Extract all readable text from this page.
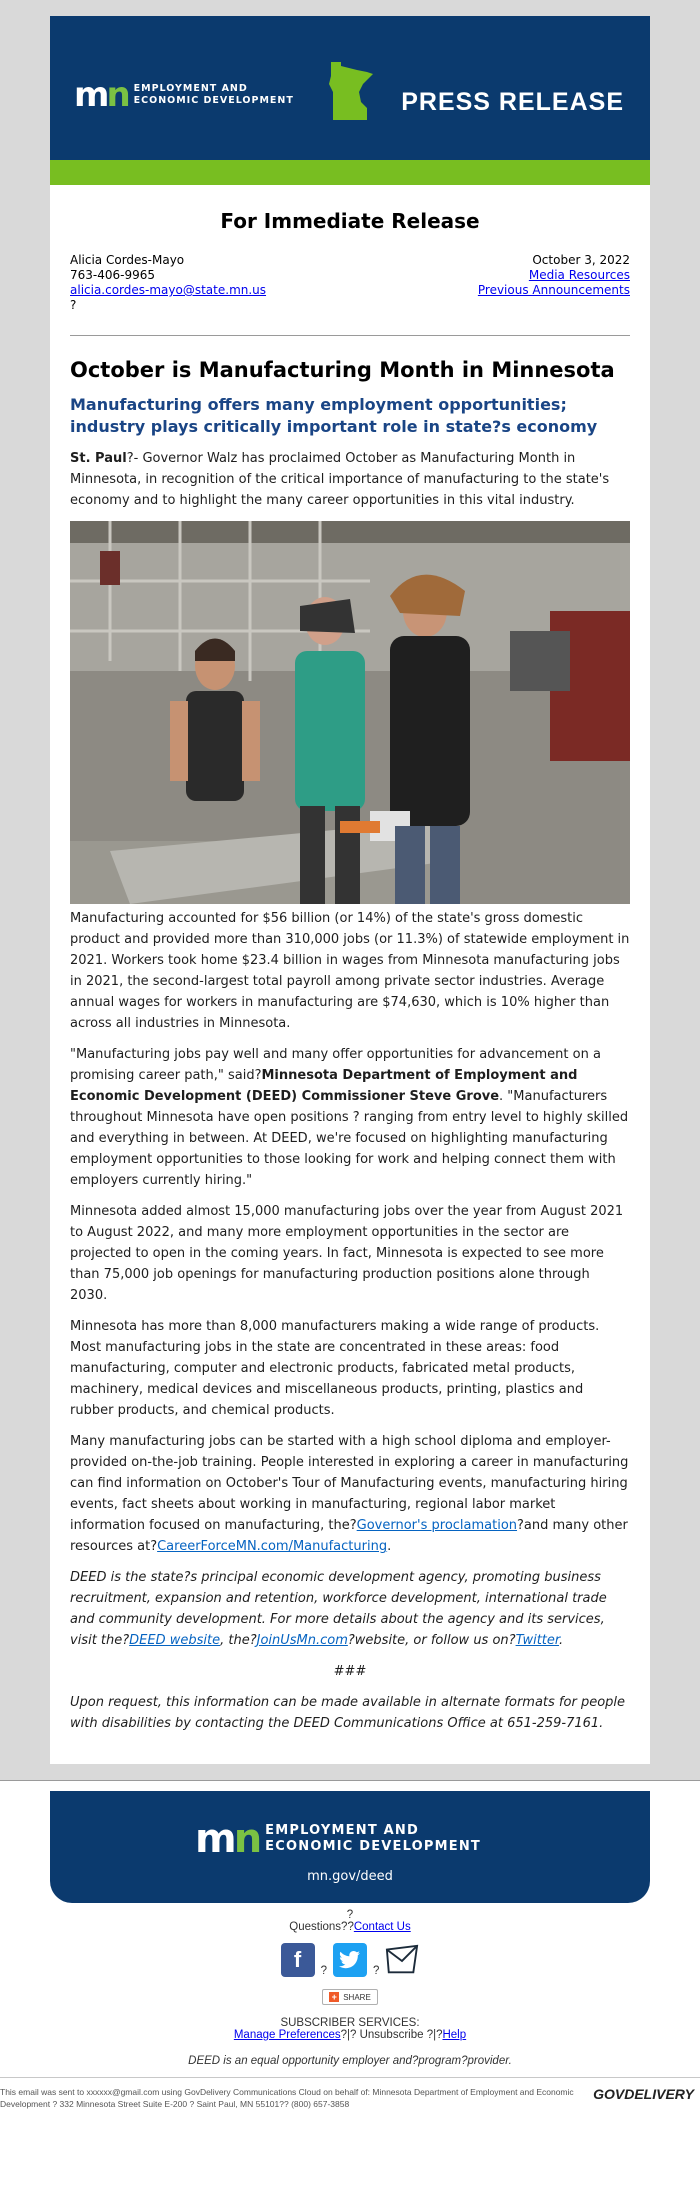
mn EMPLOYMENT AND
ECONOMIC DEVELOPMENT	PRESS RELEASE
For Immediate Release
Alicia Cordes-Mayo
763-406-9965
alicia.cordes-mayo@state.mn.us
?
October 3, 2022
Media Resources
Previous Announcements
October is Manufacturing Month in Minnesota
Manufacturing offers many employment opportunities; industry plays critically important role in state?s economy

St. Paul?- Governor Walz has proclaimed October as Manufacturing Month in Minnesota, in recognition of the critical importance of manufacturing to the state's economy and to highlight the many career opportunities in this vital industry.

Manufacturing accounted for $56 billion (or 14%) of the state's gross domestic product and provided more than 310,000 jobs (or 11.3%) of statewide employment in 2021. Workers took home $23.4 billion in wages from Minnesota manufacturing jobs in 2021, the second-largest total payroll among private sector industries. Average annual wages for workers in manufacturing are $74,630, which is 10% higher than across all industries in Minnesota.

"Manufacturing jobs pay well and many offer opportunities for advancement on a promising career path," said?Minnesota Department of Employment and Economic Development (DEED) Commissioner Steve Grove. "Manufacturers throughout Minnesota have open positions ? ranging from entry level to highly skilled and everything in between. At DEED, we're focused on highlighting manufacturing employment opportunities to those looking for work and helping connect them with employers currently hiring."

Minnesota added almost 15,000 manufacturing jobs over the year from August 2021 to August 2022, and many more employment opportunities in the sector are projected to open in the coming years. In fact, Minnesota is expected to see more than 75,000 job openings for manufacturing production positions alone through 2030.

Minnesota has more than 8,000 manufacturers making a wide range of products. Most manufacturing jobs in the state are concentrated in these areas: food manufacturing, computer and electronic products, fabricated metal products, machinery, medical devices and miscellaneous products, printing, plastics and rubber products, and chemical products.

Many manufacturing jobs can be started with a high school diploma and employer-provided on-the-job training. People interested in exploring a career in manufacturing can find information on October's Tour of Manufacturing events, manufacturing hiring events, fact sheets about working in manufacturing, regional labor market information focused on manufacturing, the?Governor's proclamation?and many other resources at?CareerForceMN.com/Manufacturing.

DEED is the state?s principal economic development agency, promoting business recruitment, expansion and retention, workforce development, international trade and community development. For more details about the agency and its services, visit the?DEED website, the?JoinUsMn.com?website, or follow us on?Twitter.

###

Upon request, this information can be made available in alternate formats for people with disabilities by contacting the DEED Communications Office at 651-259-7161.

mn EMPLOYMENT AND
ECONOMIC DEVELOPMENT
mn.gov/deed
?
Questions??Contact Us
f	?	?
+ SHARE
SUBSCRIBER SERVICES:
Manage Preferences?|? Unsubscribe ?|?Help
DEED is an equal opportunity employer and?program?provider.
This email was sent to xxxxxx@gmail.com using GovDelivery Communications Cloud on behalf of: Minnesota Department of Employment and Economic Development ? 332 Minnesota Street Suite E-200 ? Saint Paul, MN 55101?? (800) 657-3858
GOVDELIVERY
